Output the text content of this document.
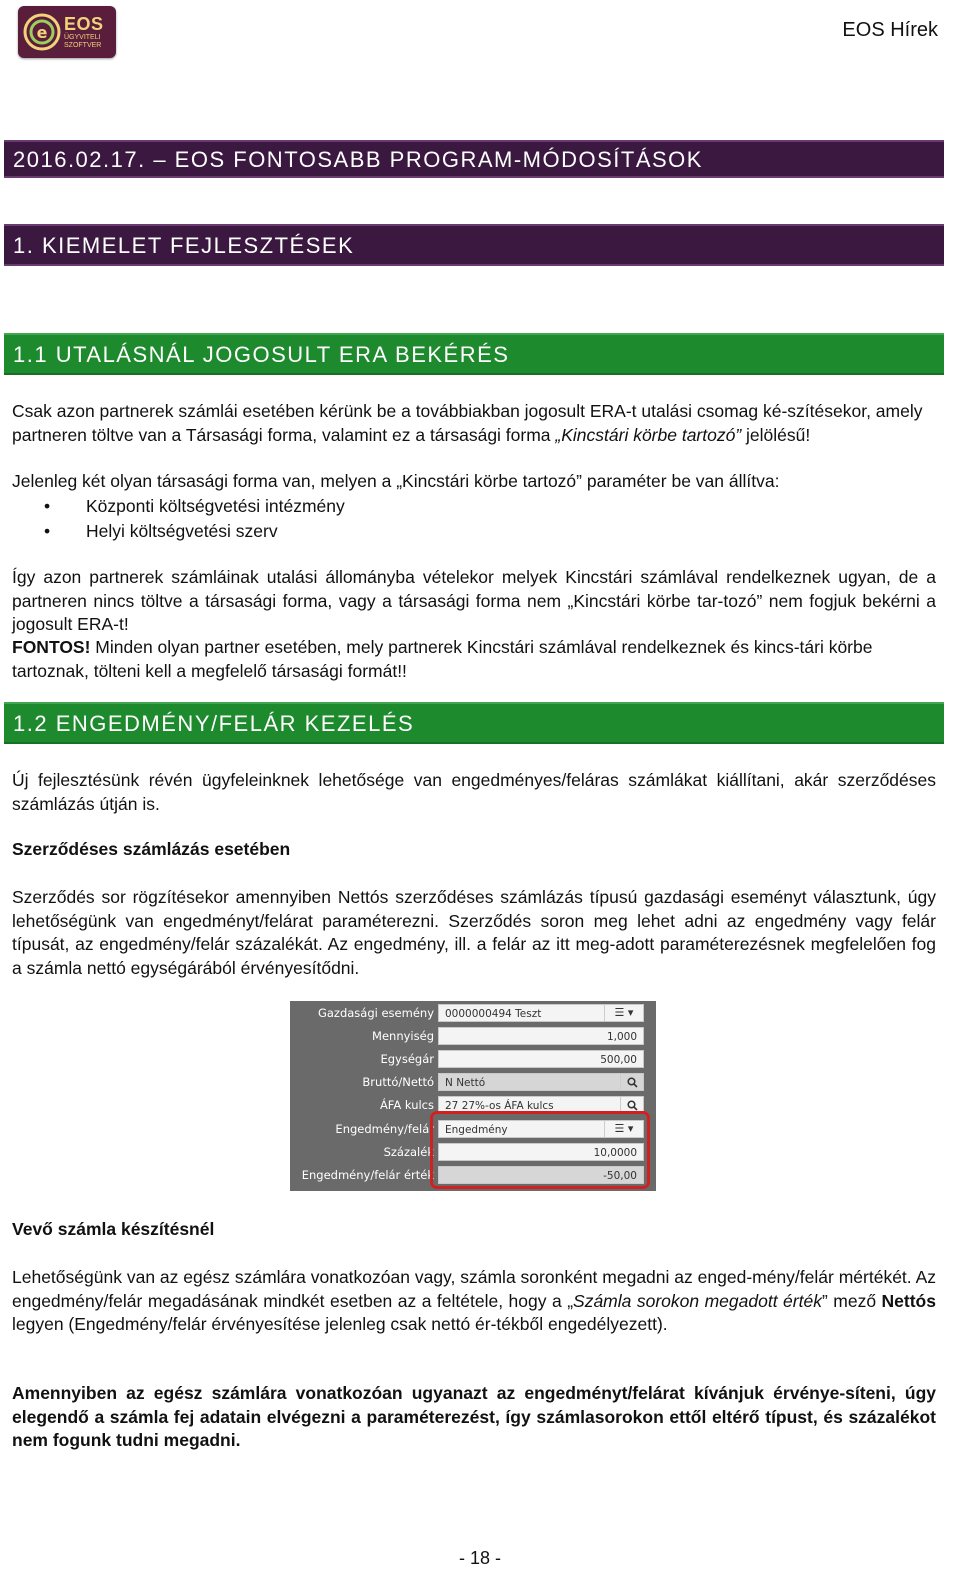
e EOS
ÜGYVITELI SZOFTVER
EOS Hírek
2016.02.17. – EOS FONTOSABB PROGRAM-MÓDOSÍTÁSOK
1. KIEMELET FEJLESZTÉSEK
1.1 UTALÁSNÁL JOGOSULT ERA BEKÉRÉS

Csak azon partnerek számlái esetében kérünk be a továbbiakban jogosult ERA-t utalási csomag ké-szítésekor, amely partneren töltve van a Társasági forma, valamint ez a társasági forma „Kincstári körbe tartozó” jelölésű!

Jelenleg két olyan társasági forma van, melyen a „Kincstári körbe tartozó” paraméter be van állítva:
• Központi költségvetési intézmény
• Helyi költségvetési szerv
Így azon partnerek számláinak utalási állományba vételekor melyek Kincstári számlával rendelkeznek ugyan, de a partneren nincs töltve a társasági forma, vagy a társasági forma nem „Kincstári körbe tar-tozó” nem fogjuk bekérni a jogosult ERA-t!

FONTOS! Minden olyan partner esetében, mely partnerek Kincstári számlával rendelkeznek és kincs-tári körbe tartoznak, tölteni kell a megfelelő társasági formát!!

1.2 ENGEDMÉNY/FELÁR KEZELÉS
Új fejlesztésünk révén ügyfeleinknek lehetősége van engedményes/feláras számlákat kiállítani, akár szerződéses számlázás útján is.
Szerződéses számlázás esetében
Szerződés sor rögzítésekor amennyiben Nettós szerződéses számlázás típusú gazdasági eseményt választunk, úgy lehetőségünk van engedményt/felárat paraméterezni. Szerződés soron meg lehet adni az engedmény vagy felár típusát, az engedmény/felár százalékát. Az engedmény, ill. a felár az itt meg-adott paraméterezésnek megfelelően fog a számla nettó egységárából érvényesítődni.
Gazdasági esemény	0000000494 Teszt	☰ ▾
Mennyiség	1,000
Egységár	500,00
Bruttó/Nettó	N Nettó
ÁFA kulcs	27 27%-os ÁFA kulcs
Engedmény/felár	Engedmény	☰ ▾
Százalék	10,0000
Engedmény/felár érték	-50,00
Vevő számla készítésnél

Lehetőségünk van az egész számlára vonatkozóan vagy, számla soronként megadni az enged-mény/felár mértékét. Az engedmény/felár megadásának mindkét esetben az a feltétele, hogy a „Számla sorokon megadott érték” mező Nettós legyen (Engedmény/felár érvényesítése jelenleg csak nettó ér-tékből engedélyezett).

Amennyiben az egész számlára vonatkozóan ugyanazt az engedményt/felárat kívánjuk érvénye-síteni, úgy elegendő a számla fej adatain elvégezni a paraméterezést, így számlasorokon ettől eltérő típust, és százalékot nem fogunk tudni megadni.
- 18 -
